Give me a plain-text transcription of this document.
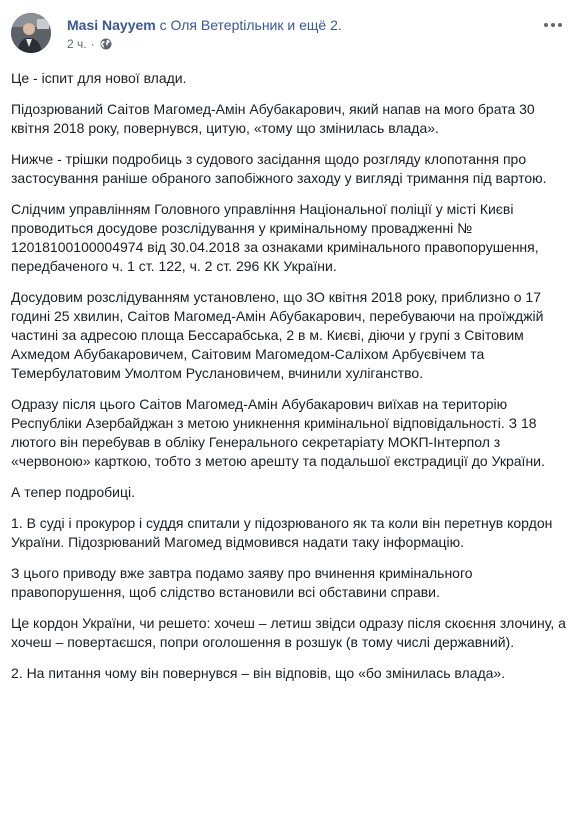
Masi Nayyem с Оля Ветерtільник и ещё 2.
2 ч. ·

Це - іспит для нової влади.

Підозрюваний Саітов Магомед-Амін Абубакарович, який напав на мого брата 30 квітня 2018 року, повернувся, цитую, «тому що змінилась влада».

Нижче - трішки подробиць з судового засідання щодо розгляду клопотання про застосування раніше обраного запобіжного заходу у вигляді тримання під вартою.

Слідчим управлінням Головного управління Національної поліції у місті Києві проводиться досудове розслідування у кримінальному провадженні № 12018100100004974 від 30.04.2018 за ознаками кримінального правопорушення, передбаченого ч. 1 ст. 122, ч. 2 ст. 296 КК України.

Досудовим розслідуванням установлено, що 3О квітня 2018 року, приблизно о 17 годині 25 хвилин, Саітов Магомед-Амін Абубакарович, перебуваючи на проїжджій частині за адресою площа Бессарабська, 2 в м. Києві, діючи у групі з Світовим Ахмедом Абубакаровичем, Саітовим Магомедом-Саліхом Арбуєвічем та Темербулатовим Умолтом Руслановичем, вчинили хуліганство.

Одразу після цього Саітов Магомед-Амін Абубакарович виїхав на територію Республіки Азербайджан з метою уникнення кримінальної відповідальності. З 18 лютого він перебував в обліку Генерального секретаріату МОКП-Інтерпол з «червоною» карткою, тобто з метою арешту та подальшої екстрадиції до України.

А тепер подробиці.

1. В суді і прокурор і суддя спитали у підозрюваного як та коли він перетнув кордон України. Підозрюваний Магомед відмовився надати таку інформацію.

З цього приводу вже завтра подамо заяву про вчинення кримінального правопорушення, щоб слідство встановили всі обставини справи.

Це кордон України, чи решето: хочеш – летиш звідси одразу після скоєння злочину, а хочеш – повертаєшся, попри оголошення в розшук (в тому числі державний).

2. На питання чому він повернувся – він відповів, що «бо змінилась влада».
